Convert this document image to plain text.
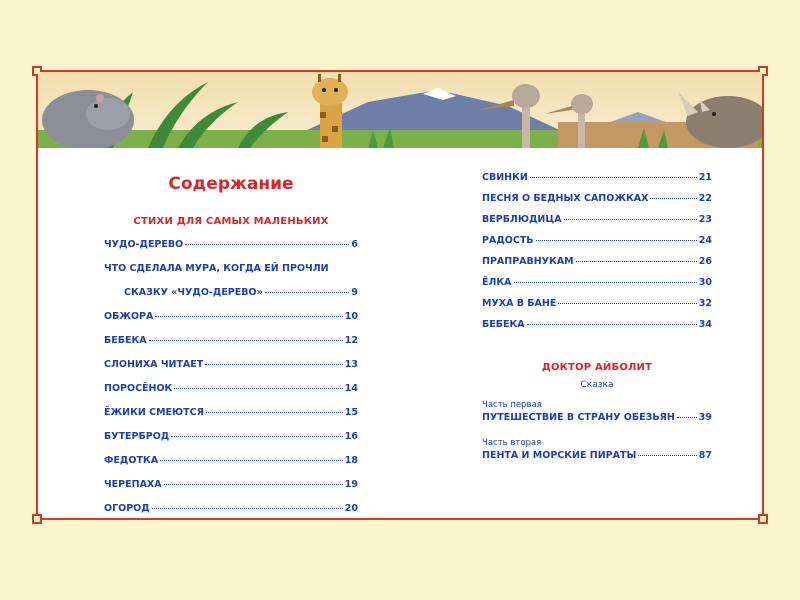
Содержание
СТИХИ ДЛЯ САМЫХ МАЛЕНЬКИХ
ЧУДО-ДЕРЕВО	6
ЧТО СДЕЛАЛА МУРА, КОГДА ЕЙ ПРОЧЛИ
СКАЗКУ «ЧУДО-ДЕРЕВО»	9
ОБЖОРА	10
БЕБЕКА	12
СЛОНИХА ЧИТАЕТ	13
ПОРОСЁНОК	14
ЁЖИКИ СМЕЮТСЯ	15
БУТЕРБРОД	16
ФЕДОТКА	18
ЧЕРЕПАХА	19
ОГОРОД	20
СВИНКИ	21
ПЕСНЯ О БЕДНЫХ САПОЖКАХ	22
ВЕРБЛЮДИЦА	23
РАДОСТЬ	24
ПРАПРАВНУКАМ	26
ЁЛКА	30
МУХА В БАНЕ	32
БЕБЕКА	34
ДОКТОР АЙБОЛИТ
Сказка
Часть первая
ПУТЕШЕСТВИЕ В СТРАНУ ОБЕЗЬЯН	39
Часть вторая
ПЕНТА И МОРСКИЕ ПИРАТЫ	87
